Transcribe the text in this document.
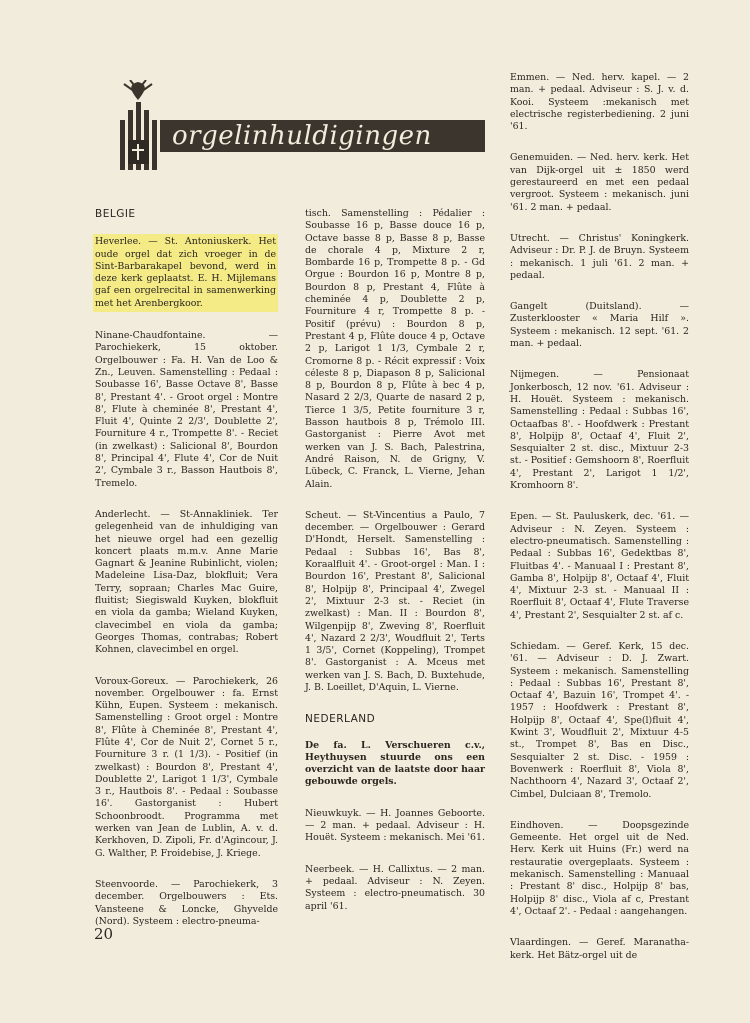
orgelinhuldigingen
BELGIE
Heverlee. — St. Antoniuskerk. Het oude orgel dat zich vroeger in de Sint-Barbarakapel bevond, werd in deze kerk geplaatst. E. H. Mijlemans gaf een orgelrecital in samenwerking met het Arenbergkoor.
Ninane-Chaudfontaine. — Parochiekerk, 15 oktober. Orgelbouwer : Fa. H. Van de Loo & Zn., Leuven. Samenstelling : Pedaal : Soubasse 16', Basse Octave 8', Basse 8', Prestant 4'. - Groot orgel : Montre 8', Flute à cheminée 8', Prestant 4', Fluit 4', Quinte 2 2/3', Doublette 2', Fourniture 4 r., Trompette 8'. - Reciet (in zwelkast) : Salicional 8', Bourdon 8', Principal 4', Flute 4', Cor de Nuit 2', Cymbale 3 r., Basson Hautbois 8', Tremelo.
Anderlecht. — St-Annakliniek. Ter gelegenheid van de inhuldiging van het nieuwe orgel had een gezellig koncert plaats m.m.v. Anne Marie Gagnart & Jeanine Rubinlicht, violen; Madeleine Lisa-Daz, blokfluit; Vera Terry, sopraan; Charles Mac Guire, fluitist; Siegiswald Kuyken, blokfluit en viola da gamba; Wieland Kuyken, clavecimbel en viola da gamba; Georges Thomas, contrabas; Robert Kohnen, clavecimbel en orgel.
Voroux-Goreux. — Parochiekerk, 26 november. Orgelbouwer : fa. Ernst Kühn, Eupen. Systeem : mekanisch. Samenstelling : Groot orgel : Montre 8', Flûte à Cheminée 8', Prestant 4', Flûte 4', Cor de Nuit 2', Cornet 5 r., Fourniture 3 r. (1 1/3). - Positief (in zwelkast) : Bourdon 8', Prestant 4', Doublette 2', Larigot 1 1/3', Cymbale 3 r., Hautbois 8'. - Pedaal : Soubasse 16'. Gastorganist : Hubert Schoonbroodt. Programma met werken van Jean de Lublin, A. v. d. Kerkhoven, D. Zipoli, Fr. d'Agincour, J. G. Walther, P. Froidebise, J. Kriege.
Steenvoorde. — Parochiekerk, 3 december. Orgelbouwers : Ets. Vansteene & Loncke, Ghyvelde (Nord). Systeem : electro-pneuma-
tisch. Samenstelling : Pédalier : Soubasse 16 p, Basse douce 16 p, Octave basse 8 p, Basse 8 p, Basse de chorale 4 p, Mixture 2 r, Bombarde 16 p, Trompette 8 p. - Gd Orgue : Bourdon 16 p, Montre 8 p, Bourdon 8 p, Prestant 4, Flûte à cheminée 4 p, Doublette 2 p, Fourniture 4 r, Trompette 8 p. - Positif (prévu) : Bourdon 8 p, Prestant 4 p, Flûte douce 4 p, Octave 2 p, Larigot 1 1/3, Cymbale 2 r, Cromorne 8 p. - Récit expressif : Voix céleste 8 p, Diapason 8 p, Salicional 8 p, Bourdon 8 p, Flûte à bec 4 p, Nasard 2 2/3, Quarte de nasard 2 p, Tierce 1 3/5, Petite fourniture 3 r, Basson hautbois 8 p, Trémolo III. Gastorganist : Pierre Avot met werken van J. S. Bach, Palestrina, André Raison, N. de Grigny, V. Lübeck, C. Franck, L. Vierne, Jehan Alain.
Scheut. — St-Vincentius a Paulo, 7 december. — Orgelbouwer : Gerard D'Hondt, Herselt. Samenstelling : Pedaal : Subbas 16', Bas 8', Koraalfluit 4'. - Groot-orgel : Man. I : Bourdon 16', Prestant 8', Salicional 8', Holpijp 8', Principaal 4', Zwegel 2', Mixtuur 2-3 st. - Reciet (in zwelkast) : Man. II : Bourdon 8', Wilgenpijp 8', Zweving 8', Roerfluit 4', Nazard 2 2/3', Woudfluit 2', Terts 1 3/5', Cornet (Koppeling), Trompet 8'. Gastorganist : A. Mceus met werken van J. S. Bach, D. Buxtehude, J. B. Loeillet, D'Aquin, L. Vierne.
NEDERLAND
De fa. L. Verschueren c.v., Heythuysen stuurde ons een overzicht van de laatste door haar gebouwde orgels.
Nieuwkuyk. — H. Joannes Geboorte. — 2 man. + pedaal. Adviseur : H. Houët. Systeem : mekanisch. Mei '61.
Neerbeek. — H. Callixtus. — 2 man. + pedaal. Adviseur : N. Zeyen. Systeem : electro-pneumatisch. 30 april '61.
Emmen. — Ned. herv. kapel. — 2 man. + pedaal. Adviseur : S. J. v. d. Kooi. Systeem :mekanisch met electrische registerbediening. 2 juni '61.
Genemuiden. — Ned. herv. kerk. Het van Dijk-orgel uit ± 1850 werd gerestaureerd en met een pedaal vergroot. Systeem : mekanisch. juni '61. 2 man. + pedaal.
Utrecht. — Christus' Koningkerk. Adviseur : Dr. P. J. de Bruyn. Systeem : mekanisch. 1 juli '61. 2 man. + pedaal.
Gangelt (Duitsland). — Zusterklooster « Maria Hilf ». Systeem : mekanisch. 12 sept. '61. 2 man. + pedaal.
Nijmegen. — Pensionaat Jonkerbosch, 12 nov. '61. Adviseur : H. Houët. Systeem : mekanisch. Samenstelling : Pedaal : Subbas 16', Octaafbas 8'. - Hoofdwerk : Prestant 8', Holpijp 8', Octaaf 4', Fluit 2', Sesquialter 2 st. disc., Mixtuur 2-3 st. - Positief : Gemshoorn 8', Roerfluit 4', Prestant 2', Larigot 1 1/2', Kromhoorn 8'.
Epen. — St. Pauluskerk, dec. '61. — Adviseur : N. Zeyen. Systeem : electro-pneumatisch. Samenstelling : Pedaal : Subbas 16', Gedektbas 8', Fluitbas 4'. - Manuaal I : Prestant 8', Gamba 8', Holpijp 8', Octaaf 4', Fluit 4', Mixtuur 2-3 st. - Manuaal II : Roerfluit 8', Octaaf 4', Flute Traverse 4', Prestant 2', Sesquialter 2 st. af c.
Schiedam. — Geref. Kerk, 15 dec. '61. — Adviseur : D. J. Zwart. Systeem : mekanisch. Samenstelling : Pedaal : Subbas 16', Prestant 8', Octaaf 4', Bazuin 16', Trompet 4'. - 1957 : Hoofdwerk : Prestant 8', Holpijp 8', Octaaf 4', Spe(l)fluit 4', Kwint 3', Woudfluit 2', Mixtuur 4-5 st., Trompet 8', Bas en Disc., Sesquialter 2 st. Disc. - 1959 : Bovenwerk : Roerfluit 8', Viola 8', Nachthoorn 4', Nazard 3', Octaaf 2', Cimbel, Dulciaan 8', Tremolo.
Eindhoven. — Doopsgezinde Gemeente. Het orgel uit de Ned. Herv. Kerk uit Huins (Fr.) werd na restauratie overgeplaats. Systeem : mekanisch. Samenstelling : Manuaal : Prestant 8' disc., Holpijp 8' bas, Holpijp 8' disc., Viola af c, Prestant 4', Octaaf 2'. - Pedaal : aangehangen.
Vlaardingen. — Geref. Maranatha-kerk. Het Bätz-orgel uit de
20
